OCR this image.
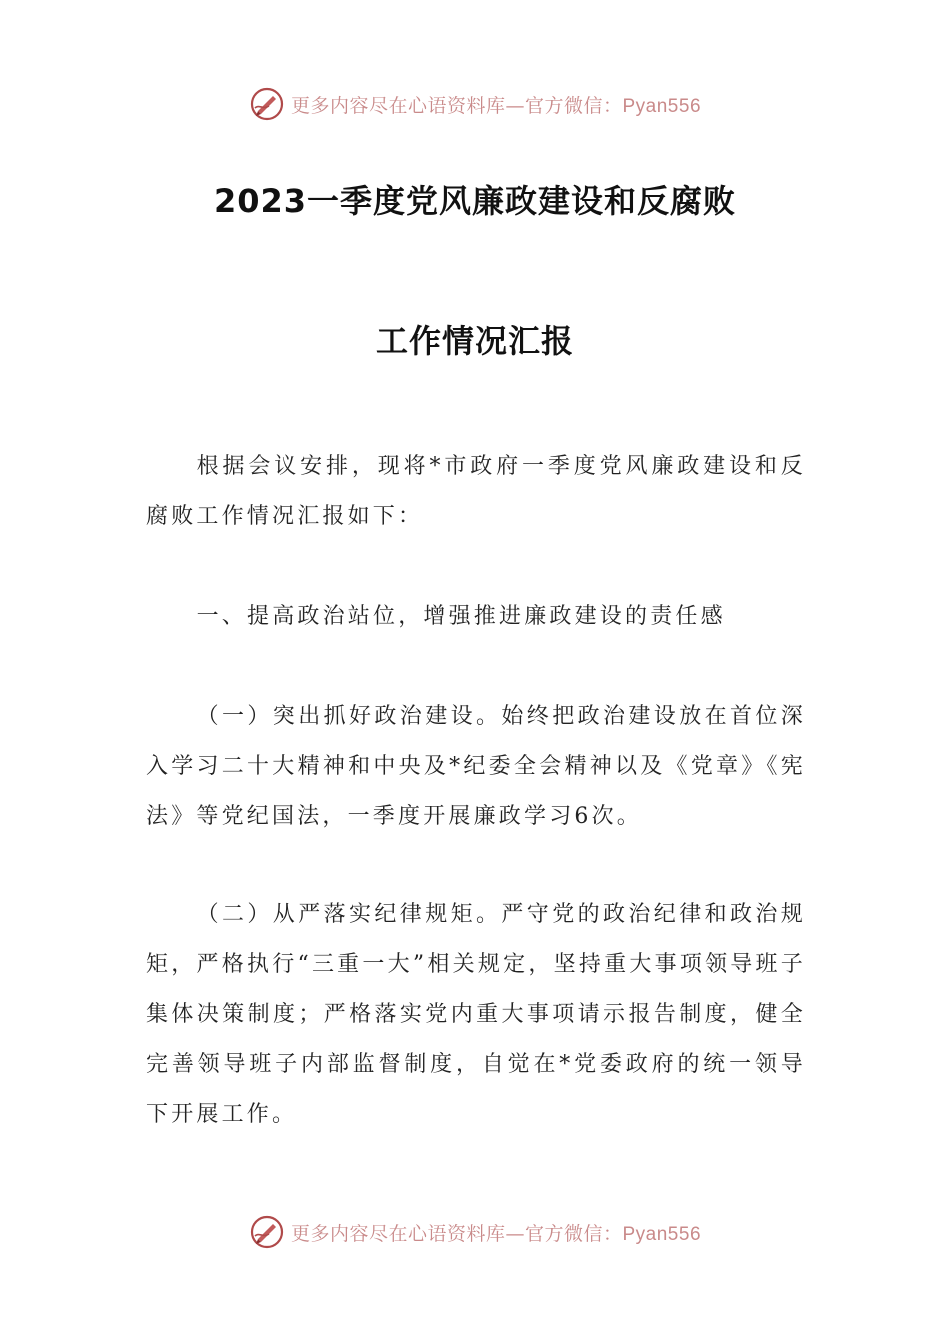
更多内容尽在心语资料库—官方微信：Pyan556
2023一季度党风廉政建设和反腐败
工作情况汇报

根据会议安排，现将*市政府一季度党风廉政建设和反腐败工作情况汇报如下：

一、提高政治站位，增强推进廉政建设的责任感

（一）突出抓好政治建设。始终把政治建设放在首位深入学习二十大精神和中央及*纪委全会精神以及《党章》《宪法》等党纪国法，一季度开展廉政学习6次。

（二）从严落实纪律规矩。严守党的政治纪律和政治规矩，严格执行“三重一大”相关规定，坚持重大事项领导班子集体决策制度；严格落实党内重大事项请示报告制度，健全完善领导班子内部监督制度，自觉在*党委政府的统一领导下开展工作。

更多内容尽在心语资料库—官方微信：Pyan556
